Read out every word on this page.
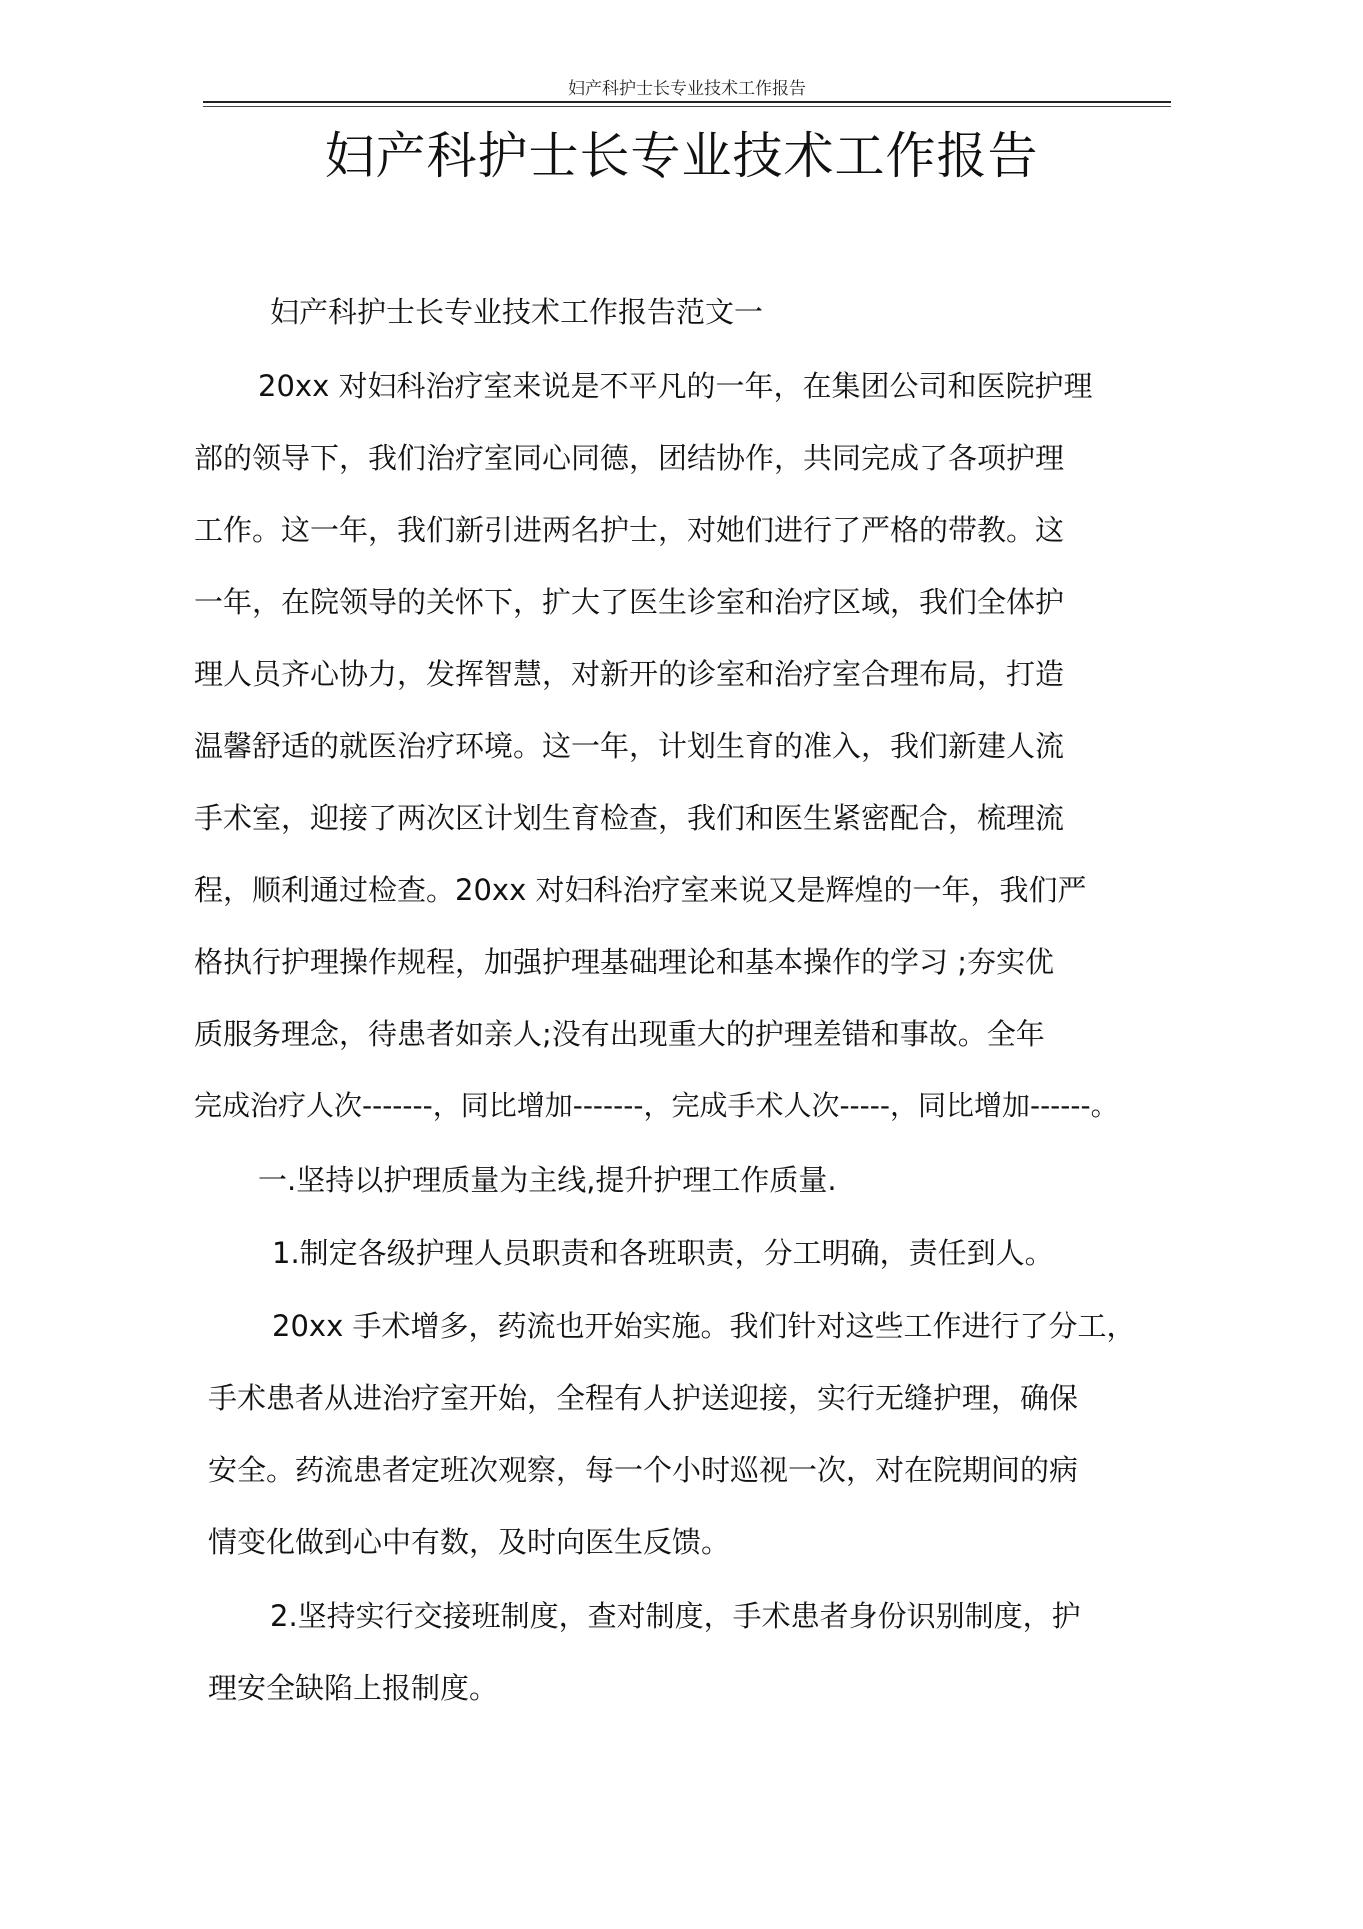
妇产科护士长专业技术工作报告
妇产科护士长专业技术工作报告

妇产科护士长专业技术工作报告范文一

20xx 对妇科治疗室来说是不平凡的一年，在集团公司和医院护理

部的领导下，我们治疗室同心同德，团结协作，共同完成了各项护理

工作。这一年，我们新引进两名护士，对她们进行了严格的带教。这

一年，在院领导的关怀下，扩大了医生诊室和治疗区域，我们全体护

理人员齐心协力，发挥智慧，对新开的诊室和治疗室合理布局，打造

温馨舒适的就医治疗环境。这一年，计划生育的准入，我们新建人流

手术室，迎接了两次区计划生育检查，我们和医生紧密配合，梳理流

程，顺利通过检查。20xx 对妇科治疗室来说又是辉煌的一年，我们严

格执行护理操作规程，加强护理基础理论和基本操作的学习 ;夯实优

质服务理念，待患者如亲人;没有出现重大的护理差错和事故。全年

完成治疗人次-------，同比增加-------，完成手术人次-----，同比增加------。

一.坚持以护理质量为主线,提升护理工作质量.

1.制定各级护理人员职责和各班职责，分工明确，责任到人。

20xx 手术增多，药流也开始实施。我们针对这些工作进行了分工，

手术患者从进治疗室开始，全程有人护送迎接，实行无缝护理，确保

安全。药流患者定班次观察，每一个小时巡视一次，对在院期间的病

情变化做到心中有数，及时向医生反馈。

2.坚持实行交接班制度，查对制度，手术患者身份识别制度，护

理安全缺陷上报制度。
